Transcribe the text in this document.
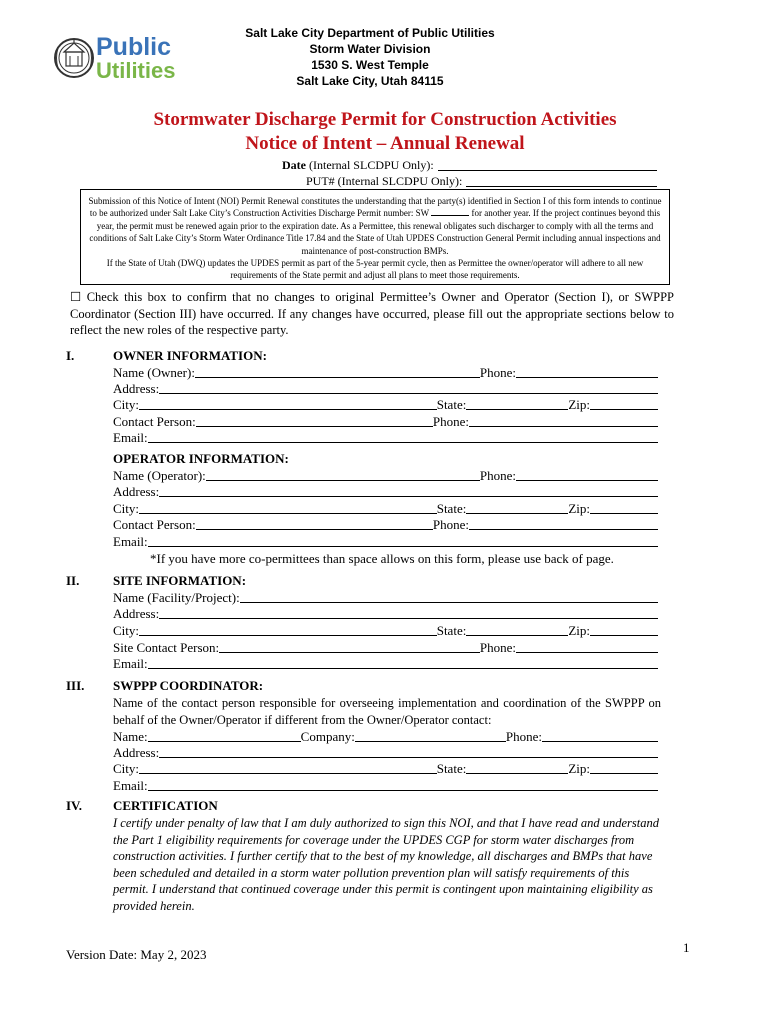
Public
Utilities
Salt Lake City Department of Public Utilities
Storm Water Division
1530 S. West Temple
Salt Lake City, Utah 84115
Stormwater Discharge Permit for Construction Activities
Notice of Intent – Annual Renewal
Date
(Internal SLCDPU Only):
PUT# (Internal SLCDPU Only):
Submission of this Notice of Intent (NOI) Permit Renewal constitutes the understanding that the party(s) identified in Section I of this form intends to continue to be authorized under Salt Lake City’s Construction Activities Discharge Permit number: SW	for another year. If the project continues beyond this year, the permit must be renewed again prior to the expiration date. As a Permittee, this renewal obligates such discharger to comply with all the terms and conditions of Salt Lake City’s Storm Water Ordinance Title 17.84 and the State of Utah UPDES Construction General Permit including annual inspections and maintenance of post-construction BMPs.
If the State of Utah (DWQ) updates the UPDES permit as part of the 5-year permit cycle, then as Permittee the owner/operator will adhere to all new requirements of the State permit and adjust all plans to meet those requirements.
☐ Check this box to confirm that no changes to original Permittee’s Owner and Operator (Section I), or SWPPP Coordinator (Section III) have occurred. If any changes have occurred, please fill out the appropriate sections below to reflect the new roles of the respective party.
I.	OWNER INFORMATION:
Name (Owner):	Phone:
Address:
City:	State:	Zip:
Contact Person:	Phone:
Email:
OPERATOR INFORMATION:
Name (Operator):	Phone:
Address:
City:	State:	Zip:
Contact Person:	Phone:
Email:
*If you have more co-permittees than space allows on this form, please use back of page.
II.	SITE INFORMATION:
Name (Facility/Project):
Address:
City:	State:	Zip:
Site Contact Person:	Phone:
Email:
III. SWPPP COORDINATOR:
Name of the contact person responsible for overseeing implementation and coordination of the SWPPP on behalf of the Owner/Operator if different from the Owner/Operator contact:
Name:	Company:	Phone:
Address:
City:	State:	Zip:
Email:
IV. CERTIFICATION
I certify under penalty of law that I am duly authorized to sign this NOI, and that I have read and understand the Part 1 eligibility requirements for coverage under the UPDES CGP for storm water discharges from construction activities. I further certify that to the best of my knowledge, all discharges and BMPs that have been scheduled and detailed in a storm water pollution prevention plan will satisfy requirements of this permit. I understand that continued coverage under this permit is contingent upon maintaining eligibility as provided herein.
Version Date: May 2, 2023	1
